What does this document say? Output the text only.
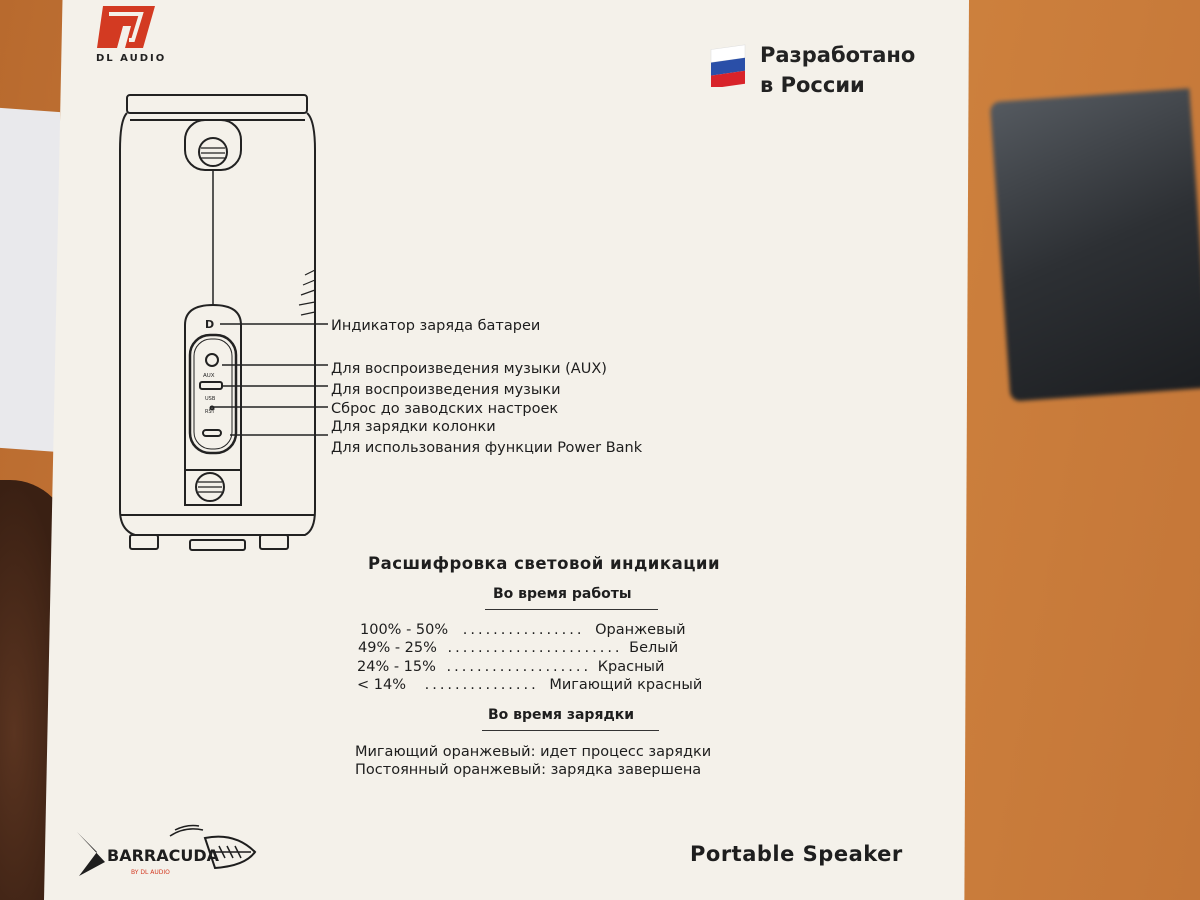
DL AUDIO	Разработано
в России
D
AUX
USB
RST
Индикатор заряда батареи
Для воспроизведения музыки (AUX)
Для воспроизведения музыки
Сброс до заводских настроек
Для зарядки колонки
Для использования функции Power Bank
Расшифровка световой индикации
Во время работы
100% - 50% ................ Оранжевый
49% - 25% ....................... Белый
24% - 15% ................... Красный
< 14% ............... Мигающий красный
Во время зарядки
Мигающий оранжевый: идет процесс зарядки
Постоянный оранжевый: зарядка завершена
BARRACUDA
BY DL AUDIO
Portable Speaker
